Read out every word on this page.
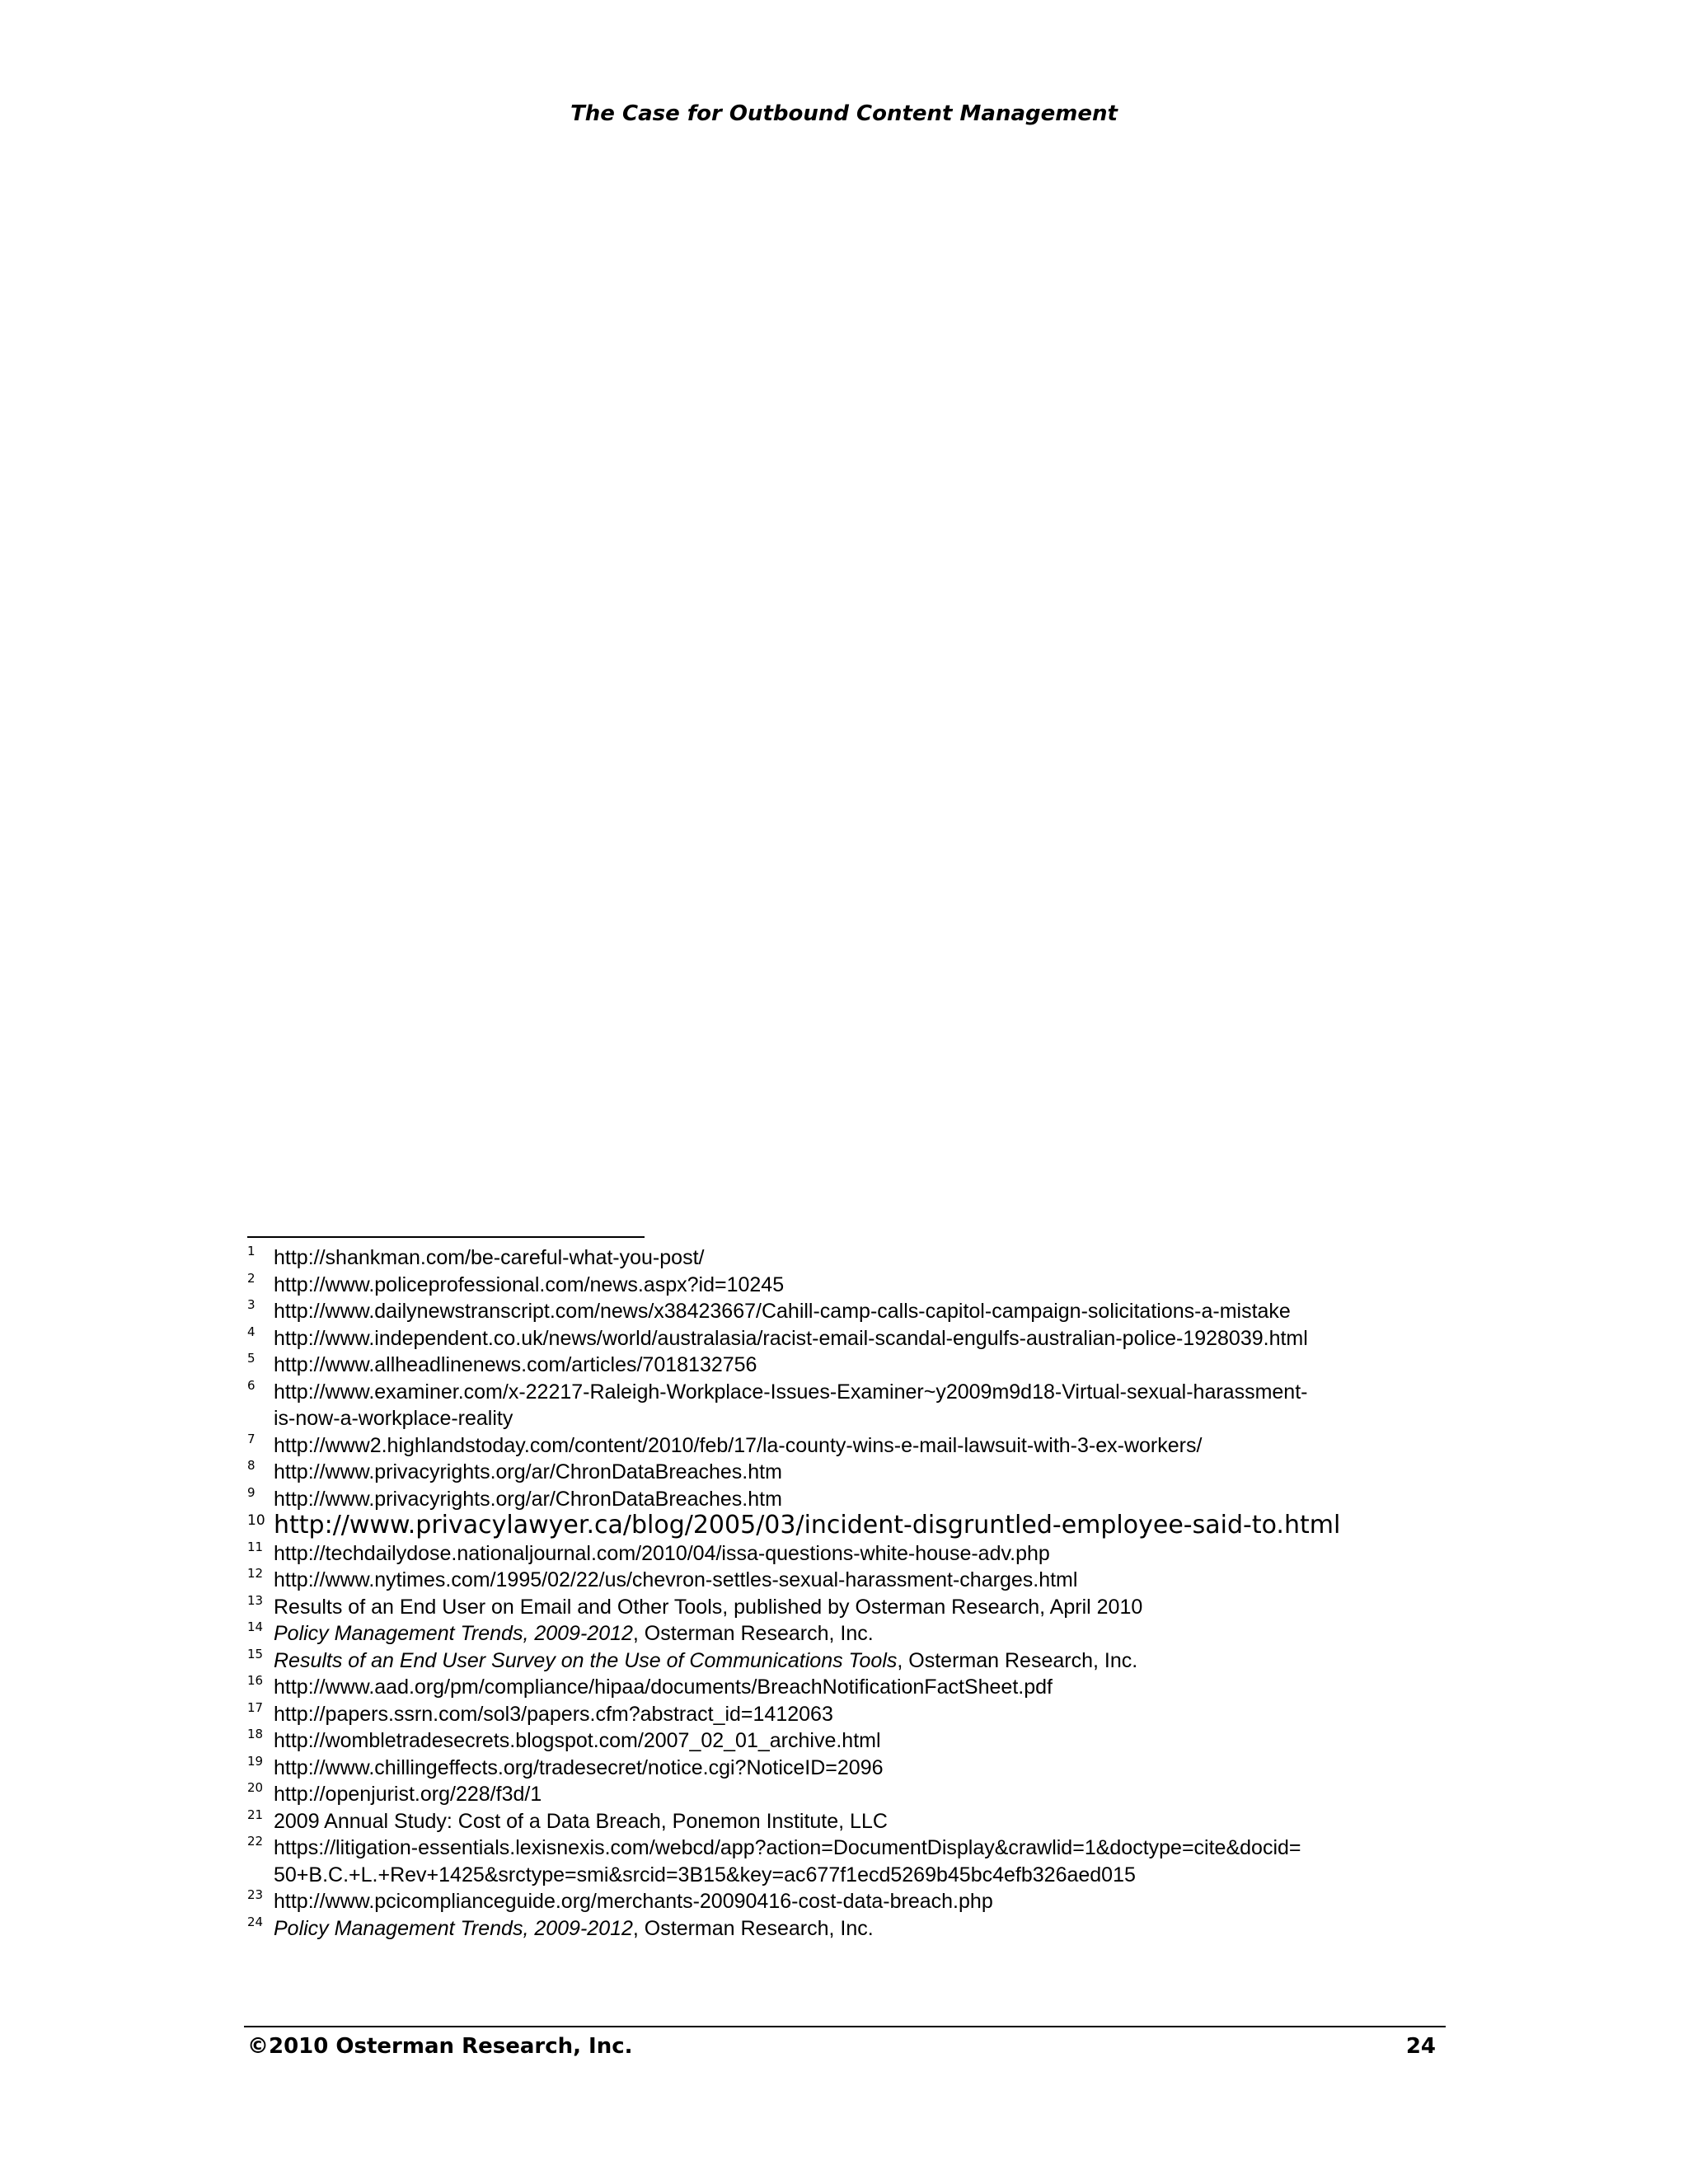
The Case for Outbound Content Management
1 http://shankman.com/be-careful-what-you-post/
2 http://www.policeprofessional.com/news.aspx?id=10245
3 http://www.dailynewstranscript.com/news/x38423667/Cahill-camp-calls-capitol-campaign-solicitations-a-mistake
4 http://www.independent.co.uk/news/world/australasia/racist-email-scandal-engulfs-australian-police-1928039.html
5 http://www.allheadlinenews.com/articles/7018132756
6 http://www.examiner.com/x-22217-Raleigh-Workplace-Issues-Examiner~y2009m9d18-Virtual-sexual-harassment-
is-now-a-workplace-reality
7 http://www2.highlandstoday.com/content/2010/feb/17/la-county-wins-e-mail-lawsuit-with-3-ex-workers/
8 http://www.privacyrights.org/ar/ChronDataBreaches.htm
9 http://www.privacyrights.org/ar/ChronDataBreaches.htm
10 http://www.privacylawyer.ca/blog/2005/03/incident-disgruntled-employee-said-to.html
11 http://techdailydose.nationaljournal.com/2010/04/issa-questions-white-house-adv.php
12 http://www.nytimes.com/1995/02/22/us/chevron-settles-sexual-harassment-charges.html
13 Results of an End User on Email and Other Tools, published by Osterman Research, April 2010
14 Policy Management Trends, 2009-2012, Osterman Research, Inc.
15 Results of an End User Survey on the Use of Communications Tools, Osterman Research, Inc.
16 http://www.aad.org/pm/compliance/hipaa/documents/BreachNotificationFactSheet.pdf
17 http://papers.ssrn.com/sol3/papers.cfm?abstract_id=1412063
18 http://wombletradesecrets.blogspot.com/2007_02_01_archive.html
19 http://www.chillingeffects.org/tradesecret/notice.cgi?NoticeID=2096
20 http://openjurist.org/228/f3d/1
21 2009 Annual Study: Cost of a Data Breach, Ponemon Institute, LLC
22 https://litigation-essentials.lexisnexis.com/webcd/app?action=DocumentDisplay&crawlid=1&doctype=cite&docid=
50+B.C.+L.+Rev+1425&srctype=smi&srcid=3B15&key=ac677f1ecd5269b45bc4efb326aed015
23 http://www.pcicomplianceguide.org/merchants-20090416-cost-data-breach.php
24 Policy Management Trends, 2009-2012, Osterman Research, Inc.
©2010 Osterman Research, Inc.	24
